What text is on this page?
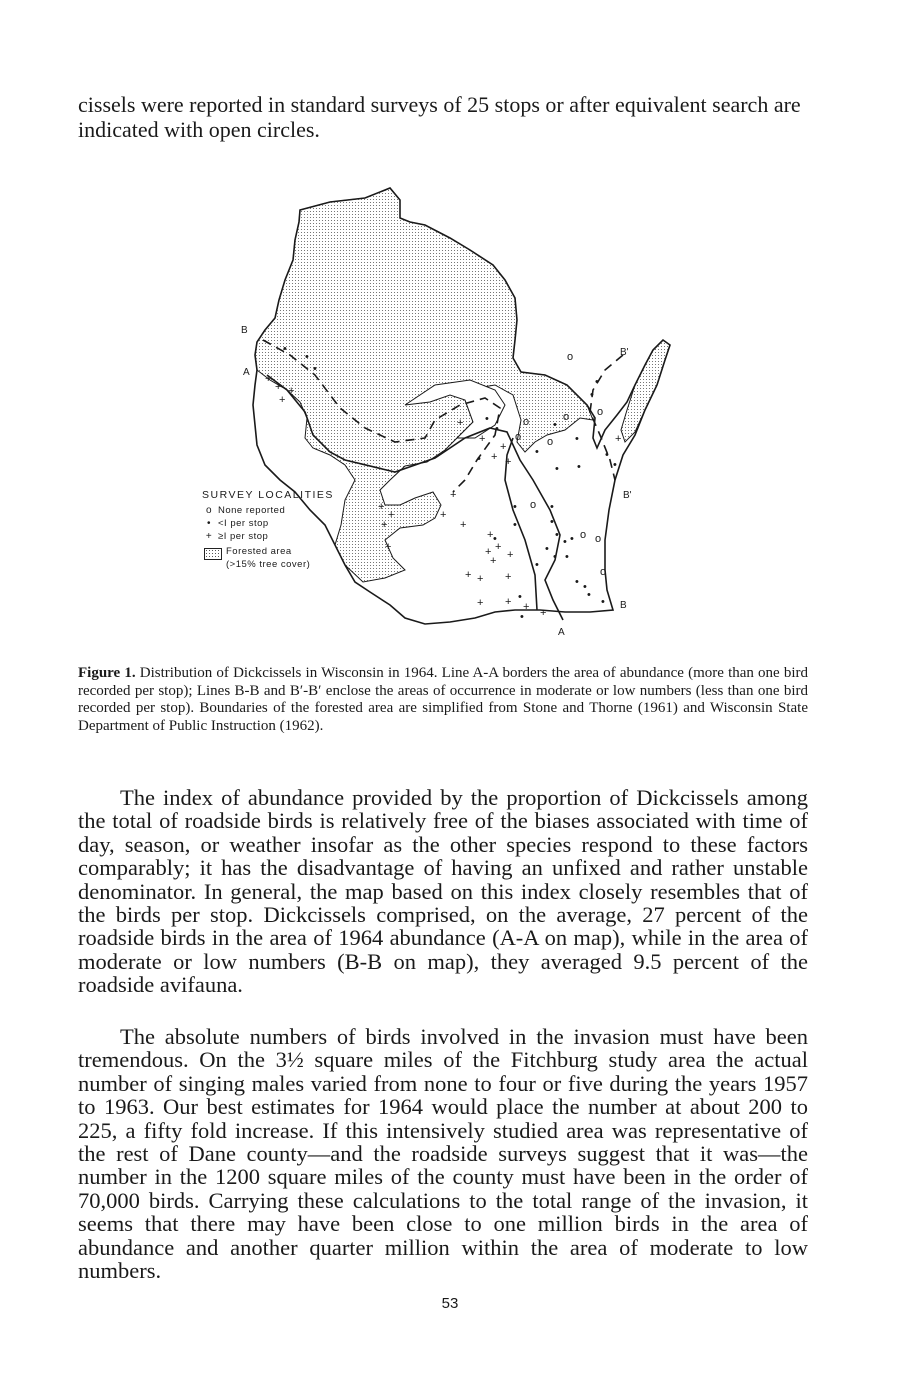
cissels were reported in standard surveys of 25 stops or after equivalent search are indicated with open circles.

B
A
B'
B'
B
A
•
•
+
+ +
+
•
+
+
•
•
+
+ +
•
o
o
•
o
•
•
o
o
•
•
o
+
•
•
•
•
+
+
+
+
+
+
+
+
+ +
+ +
+ + +
•
•
•
o •
•
•
•
•
• •
• o o
o
•
• •
•
•
+ + •
+
• +
SURVEY LOCALITIES
o None reported
• <I per stop
+ ≥I per stop
Forested area
(>15% tree cover)

Figure 1. Distribution of Dickcissels in Wisconsin in 1964. Line A-A borders the area of abundance (more than one bird recorded per stop); Lines B-B and B′-B′ enclose the areas of occurrence in moderate or low numbers (less than one bird recorded per stop). Boundaries of the forested area are simplified from Stone and Thorne (1961) and Wisconsin State Department of Public Instruction (1962).

The index of abundance provided by the proportion of Dickcissels among the total of roadside birds is relatively free of the biases associated with time of day, season, or weather insofar as the other species respond to these factors comparably; it has the disadvantage of having an unfixed and rather unstable denominator. In general, the map based on this index closely resembles that of the birds per stop. Dickcissels comprised, on the average, 27 percent of the roadside birds in the area of 1964 abundance (A-A on map), while in the area of moderate or low numbers (B-B on map), they averaged 9.5 percent of the roadside avifauna.

The absolute numbers of birds involved in the invasion must have been tremendous. On the 3½ square miles of the Fitchburg study area the actual number of singing males varied from none to four or five during the years 1957 to 1963. Our best estimates for 1964 would place the number at about 200 to 225, a fifty fold increase. If this intensively studied area was representative of the rest of Dane county—and the roadside surveys suggest that it was—the number in the 1200 square miles of the county must have been in the order of 70,000 birds. Carrying these calculations to the total range of the invasion, it seems that there may have been close to one million birds in the area of abundance and another quarter million within the area of moderate to low numbers.

53
